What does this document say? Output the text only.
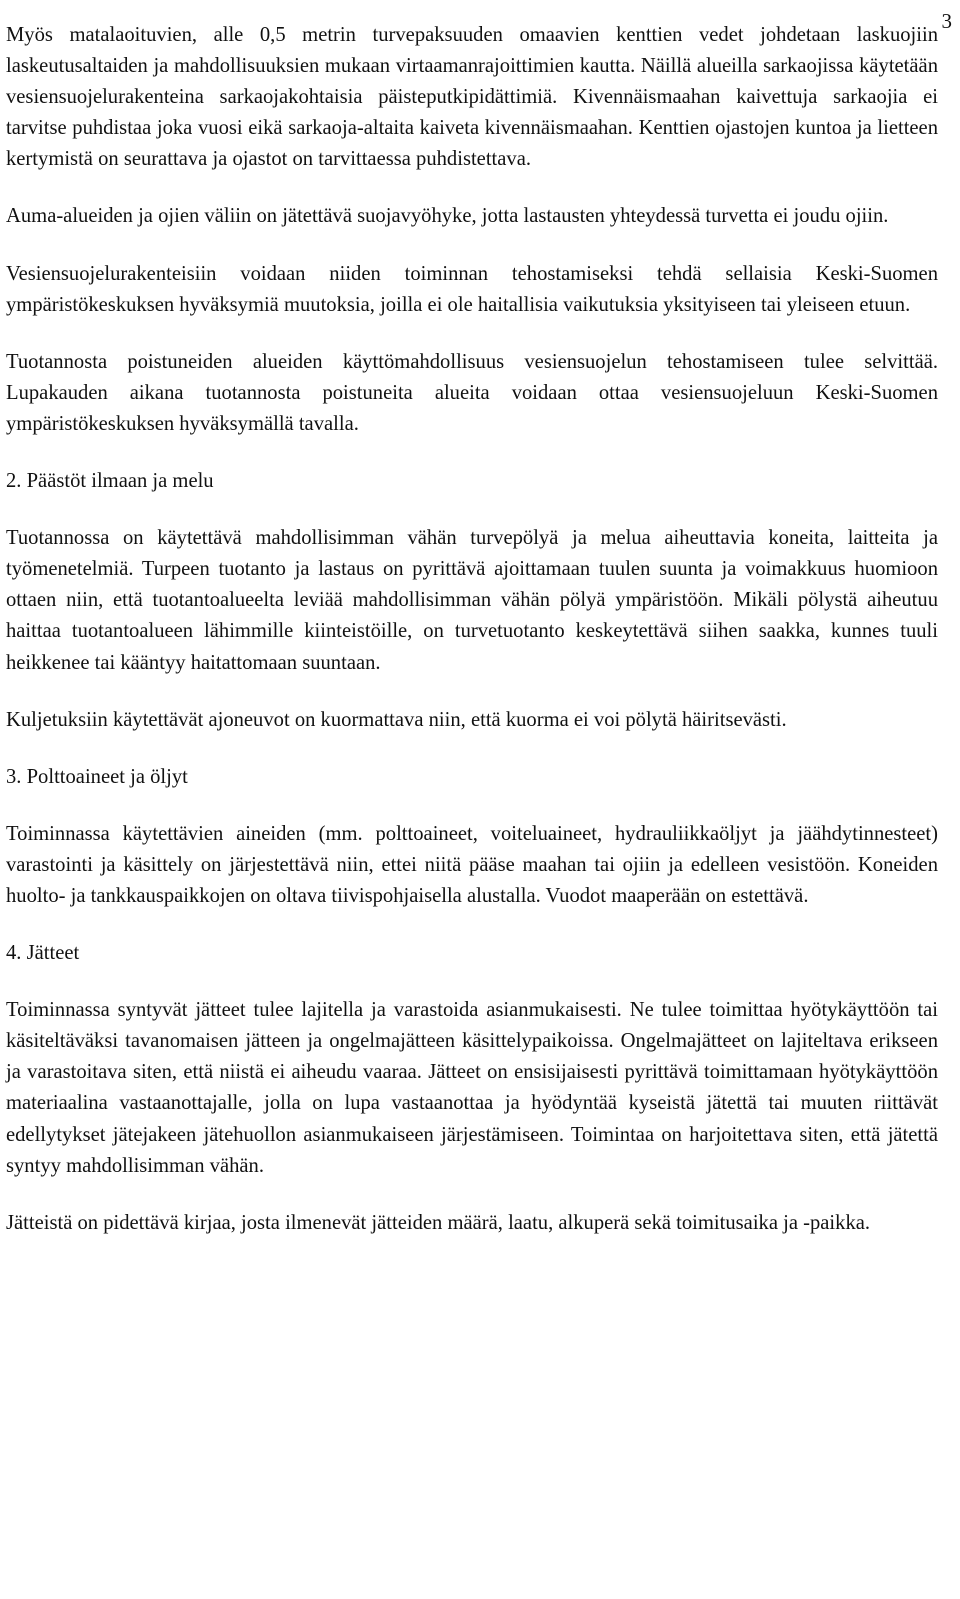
3

Myös matalaoituvien, alle 0,5 metrin turvepaksuuden omaavien kenttien vedet johdetaan laskuojiin laskeutusaltaiden ja mahdollisuuksien mukaan virtaamanrajoittimien kautta. Näillä alueilla sarkaojissa käytetään vesiensuojelurakenteina sarkaojakohtaisia päisteputkipidättimiä. Kivennäismaahan kaivettuja sarkaojia ei tarvitse puhdistaa joka vuosi eikä sarkaoja-altaita kaiveta kivennäismaahan. Kenttien ojastojen kuntoa ja lietteen kertymistä on seurattava ja ojastot on tarvittaessa puhdistettava.

Auma-alueiden ja ojien väliin on jätettävä suojavyöhyke, jotta lastausten yhteydessä turvetta ei joudu ojiin.

Vesiensuojelurakenteisiin voidaan niiden toiminnan tehostamiseksi tehdä sellaisia Keski-Suomen ympäristökeskuksen hyväksymiä muutoksia, joilla ei ole haitallisia vaikutuksia yksityiseen tai yleiseen etuun.

Tuotannosta poistuneiden alueiden käyttömahdollisuus vesiensuojelun tehostamiseen tulee selvittää. Lupakauden aikana tuotannosta poistuneita alueita voidaan ottaa vesiensuojeluun Keski-Suomen ympäristökeskuksen hyväksymällä tavalla.

2. Päästöt ilmaan ja melu

Tuotannossa on käytettävä mahdollisimman vähän turvepölyä ja melua aiheuttavia koneita, laitteita ja työmenetelmiä. Turpeen tuotanto ja lastaus on pyrittävä ajoittamaan tuulen suunta ja voimakkuus huomioon ottaen niin, että tuotantoalueelta leviää mahdollisimman vähän pölyä ympäristöön. Mikäli pölystä aiheutuu haittaa tuotantoalueen lähimmille kiinteistöille, on turvetuotanto keskeytettävä siihen saakka, kunnes tuuli heikkenee tai kääntyy haitattomaan suuntaan.

Kuljetuksiin käytettävät ajoneuvot on kuormattava niin, että kuorma ei voi pölytä häiritsevästi.

3. Polttoaineet ja öljyt

Toiminnassa käytettävien aineiden (mm. polttoaineet, voiteluaineet, hydrauliikkaöljyt ja jäähdytinnesteet) varastointi ja käsittely on järjestettävä niin, ettei niitä pääse maahan tai ojiin ja edelleen vesistöön. Koneiden huolto- ja tankkauspaikkojen on oltava tiivispohjaisella alustalla. Vuodot maaperään on estettävä.

4. Jätteet

Toiminnassa syntyvät jätteet tulee lajitella ja varastoida asianmukaisesti. Ne tulee toimittaa hyötykäyttöön tai käsiteltäväksi tavanomaisen jätteen ja ongelmajätteen käsittelypaikoissa. Ongelmajätteet on lajiteltava erikseen ja varastoitava siten, että niistä ei aiheudu vaaraa. Jätteet on ensisijaisesti pyrittävä toimittamaan hyötykäyttöön materiaalina vastaanottajalle, jolla on lupa vastaanottaa ja hyödyntää kyseistä jätettä tai muuten riittävät edellytykset jätejakeen jätehuollon asianmukaiseen järjestämiseen. Toimintaa on harjoitettava siten, että jätettä syntyy mahdollisimman vähän.

Jätteistä on pidettävä kirjaa, josta ilmenevät jätteiden määrä, laatu, alkuperä sekä toimitusaika ja -paikka.
